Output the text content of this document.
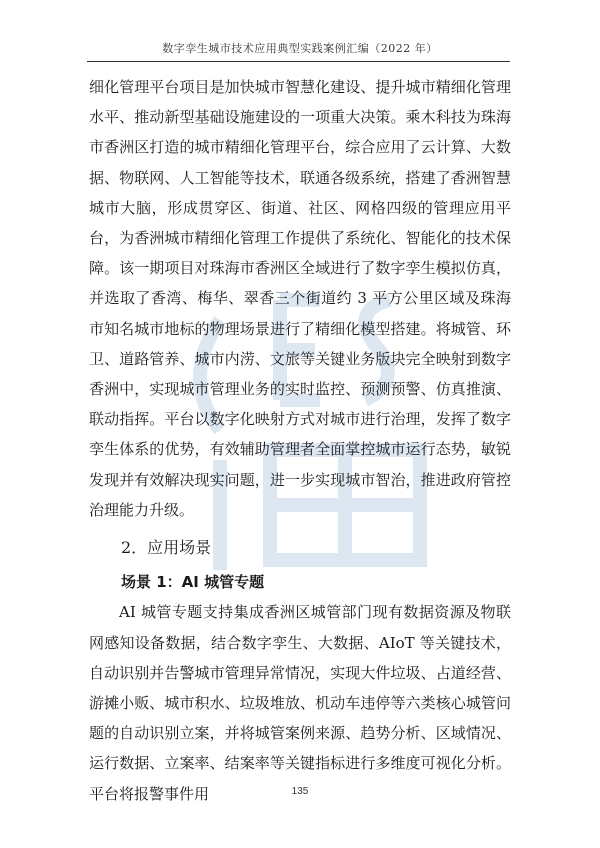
数字孪生城市技术应用典型实践案例汇编（2022 年）

细化管理平台项目是加快城市智慧化建设、提升城市精细化管理水平、推动新型基础设施建设的一项重大决策。乘木科技为珠海市香洲区打造的城市精细化管理平台，综合应用了云计算、大数据、物联网、人工智能等技术，联通各级系统，搭建了香洲智慧城市大脑，形成贯穿区、街道、社区、网格四级的管理应用平台，为香洲城市精细化管理工作提供了系统化、智能化的技术保障。该一期项目对珠海市香洲区全域进行了数字孪生模拟仿真，并选取了香湾、梅华、翠香三个街道约 3 平方公里区域及珠海市知名城市地标的物理场景进行了精细化模型搭建。将城管、环卫、道路管养、城市内涝、文旅等关键业务版块完全映射到数字香洲中，实现城市管理业务的实时监控、预测预警、仿真推演、联动指挥。平台以数字化映射方式对城市进行治理，发挥了数字孪生体系的优势，有效辅助管理者全面掌控城市运行态势，敏锐发现并有效解决现实问题，进一步实现城市智治，推进政府管控治理能力升级。

2．应用场景

场景 1：AI 城管专题

AI 城管专题支持集成香洲区城管部门现有数据资源及物联网感知设备数据，结合数字孪生、大数据、AIoT 等关键技术，自动识别并告警城市管理异常情况，实现大件垃圾、占道经营、游摊小贩、城市积水、垃圾堆放、机动车违停等六类核心城管问题的自动识别立案，并将城管案例来源、趋势分析、区域情况、运行数据、立案率、结案率等关键指标进行多维度可视化分析。平台将报警事件用	135
